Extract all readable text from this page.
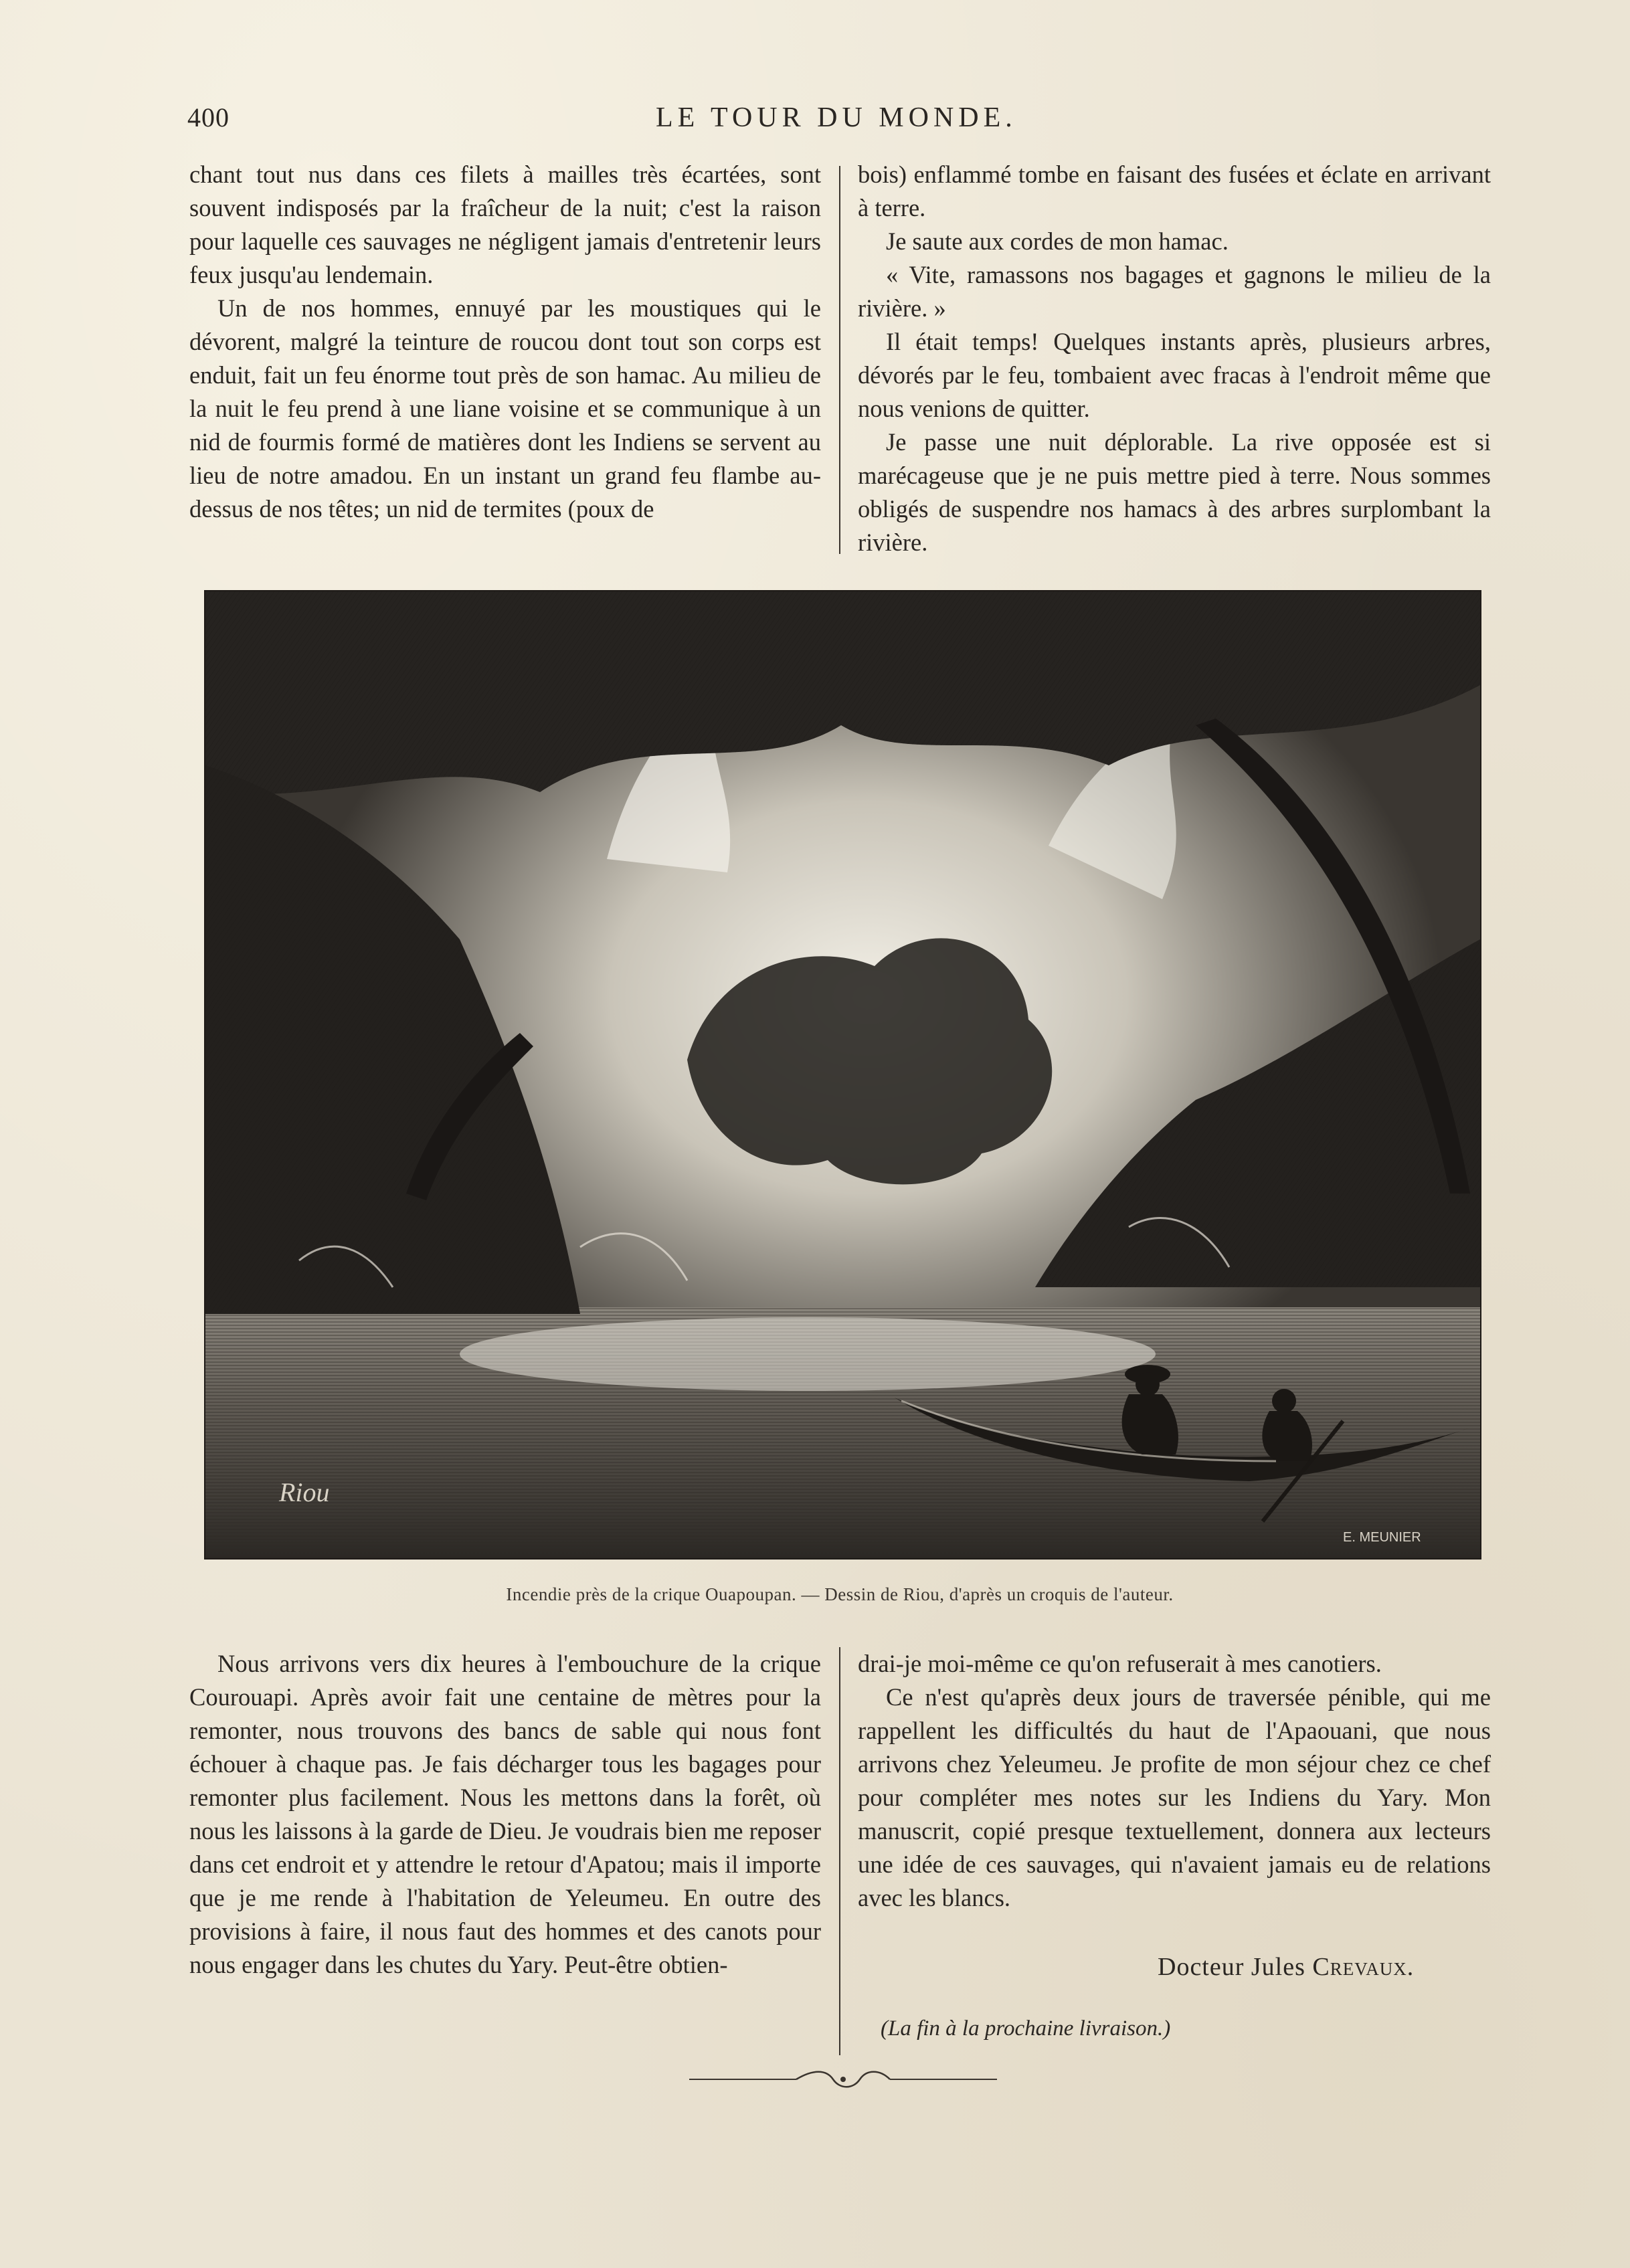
400	LE TOUR DU MONDE.

chant tout nus dans ces filets à mailles très écartées, sont souvent indisposés par la fraîcheur de la nuit; c'est la raison pour laquelle ces sauvages ne négligent jamais d'entretenir leurs feux jusqu'au lendemain.

Un de nos hommes, ennuyé par les moustiques qui le dévorent, malgré la teinture de roucou dont tout son corps est enduit, fait un feu énorme tout près de son hamac. Au milieu de la nuit le feu prend à une liane voisine et se communique à un nid de fourmis formé de matières dont les Indiens se servent au lieu de notre amadou. En un instant un grand feu flambe au-dessus de nos têtes; un nid de termites (poux de

bois) enflammé tombe en faisant des fusées et éclate en arrivant à terre.

Je saute aux cordes de mon hamac.

« Vite, ramassons nos bagages et gagnons le milieu de la rivière. »

Il était temps! Quelques instants après, plusieurs arbres, dévorés par le feu, tombaient avec fracas à l'endroit même que nous venions de quitter.

Je passe une nuit déplorable. La rive opposée est si marécageuse que je ne puis mettre pied à terre. Nous sommes obligés de suspendre nos hamacs à des arbres surplombant la rivière.

Riou
E. MEUNIER
Incendie près de la crique Ouapoupan. — Dessin de Riou, d'après un croquis de l'auteur.

Nous arrivons vers dix heures à l'embouchure de la crique Courouapi. Après avoir fait une centaine de mètres pour la remonter, nous trouvons des bancs de sable qui nous font échouer à chaque pas. Je fais décharger tous les bagages pour remonter plus facilement. Nous les mettons dans la forêt, où nous les laissons à la garde de Dieu. Je voudrais bien me reposer dans cet endroit et y attendre le retour d'Apatou; mais il importe que je me rende à l'habitation de Yeleumeu. En outre des provisions à faire, il nous faut des hommes et des canots pour nous engager dans les chutes du Yary. Peut-être obtien-

drai-je moi-même ce qu'on refuserait à mes canotiers.

Ce n'est qu'après deux jours de traversée pénible, qui me rappellent les difficultés du haut de l'Apaouani, que nous arrivons chez Yeleumeu. Je profite de mon séjour chez ce chef pour compléter mes notes sur les Indiens du Yary. Mon manuscrit, copié presque textuellement, donnera aux lecteurs une idée de ces sauvages, qui n'avaient jamais eu de relations avec les blancs.

Docteur Jules Crevaux.
(La fin à la prochaine livraison.)
